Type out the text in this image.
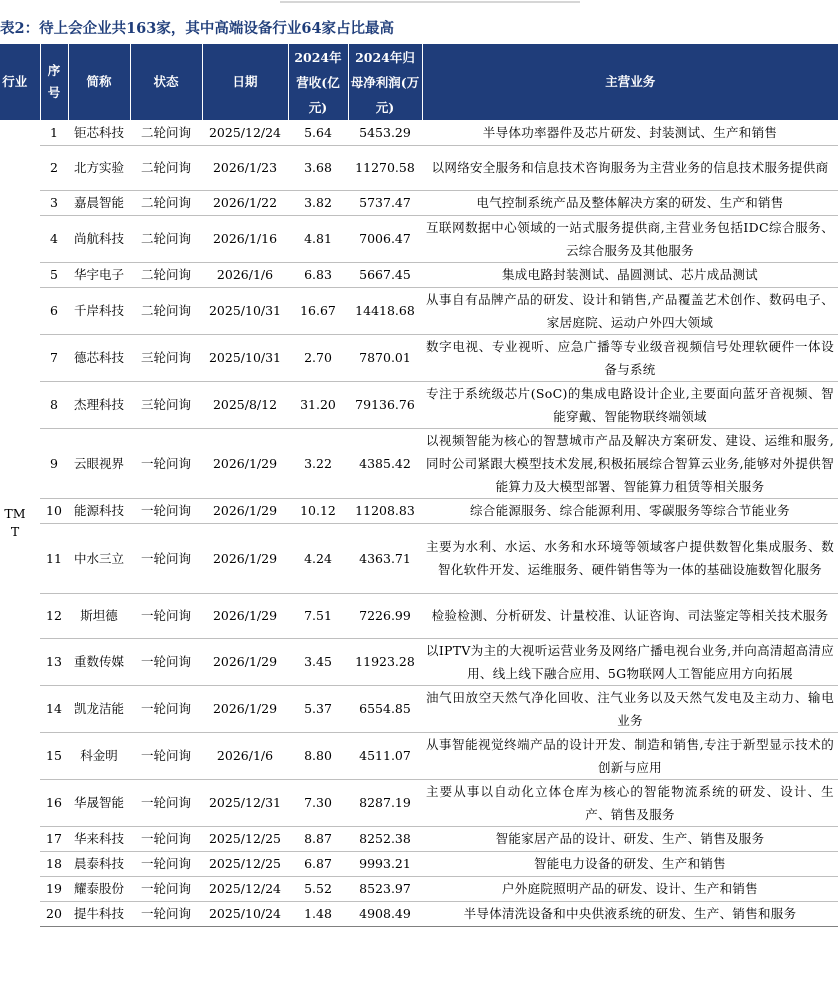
表2：待上会企业共163家，其中高端设备行业64家占比最高
行业	序号	简称	状态	日期	2024年营收(亿元)	2024年归母净利润(万元)	主营业务
TMT	1	钜芯科技	二轮问询	2025/12/24	5.64	5453.29	半导体功率器件及芯片研发、封装测试、生产和销售
	2	北方实验	二轮问询	2026/1/23	3.68	11270.58	以网络安全服务和信息技术咨询服务为主营业务的信息技术服务提供商
	3	嘉晨智能	二轮问询	2026/1/22	3.82	5737.47	电气控制系统产品及整体解决方案的研发、生产和销售
	4	尚航科技	二轮问询	2026/1/16	4.81	7006.47	互联网数据中心领域的一站式服务提供商,主营业务包括IDC综合服务、云综合服务及其他服务
	5	华宇电子	二轮问询	2026/1/6	6.83	5667.45	集成电路封装测试、晶圆测试、芯片成品测试
	6	千岸科技	二轮问询	2025/10/31	16.67	14418.68	从事自有品牌产品的研发、设计和销售,产品覆盖艺术创作、数码电子、家居庭院、运动户外四大领域
	7	德芯科技	三轮问询	2025/10/31	2.70	7870.01	数字电视、专业视听、应急广播等专业级音视频信号处理软硬件一体设备与系统
	8	杰理科技	三轮问询	2025/8/12	31.20	79136.76	专注于系统级芯片(SoC)的集成电路设计企业,主要面向蓝牙音视频、智能穿戴、智能物联终端领域
	9	云眼视界	一轮问询	2026/1/29	3.22	4385.42	以视频智能为核心的智慧城市产品及解决方案研发、建设、运维和服务,同时公司紧跟大模型技术发展,积极拓展综合智算云业务,能够对外提供智能算力及大模型部署、智能算力租赁等相关服务
	10	能源科技	一轮问询	2026/1/29	10.12	11208.83	综合能源服务、综合能源利用、零碳服务等综合节能业务
	11	中水三立	一轮问询	2026/1/29	4.24	4363.71	主要为水利、水运、水务和水环境等领域客户提供数智化集成服务、数智化软件开发、运维服务、硬件销售等为一体的基础设施数智化服务
	12	斯坦德	一轮问询	2026/1/29	7.51	7226.99	检验检测、分析研发、计量校准、认证咨询、司法鉴定等相关技术服务
	13	重数传媒	一轮问询	2026/1/29	3.45	11923.28	以IPTV为主的大视听运营业务及网络广播电视台业务,并向高清超高清应用、线上线下融合应用、5G物联网人工智能应用方向拓展
	14	凯龙洁能	一轮问询	2026/1/29	5.37	6554.85	油气田放空天然气净化回收、注气业务以及天然气发电及主动力、输电业务
	15	科金明	一轮问询	2026/1/6	8.80	4511.07	从事智能视觉终端产品的设计开发、制造和销售,专注于新型显示技术的创新与应用
	16	华晟智能	一轮问询	2025/12/31	7.30	8287.19	主要从事以自动化立体仓库为核心的智能物流系统的研发、设计、生产、销售及服务
	17	华来科技	一轮问询	2025/12/25	8.87	8252.38	智能家居产品的设计、研发、生产、销售及服务
	18	晨泰科技	一轮问询	2025/12/25	6.87	9993.21	智能电力设备的研发、生产和销售
	19	耀泰股份	一轮问询	2025/12/24	5.52	8523.97	户外庭院照明产品的研发、设计、生产和销售
	20	提牛科技	一轮问询	2025/10/24	1.48	4908.49	半导体清洗设备和中央供液系统的研发、生产、销售和服务
